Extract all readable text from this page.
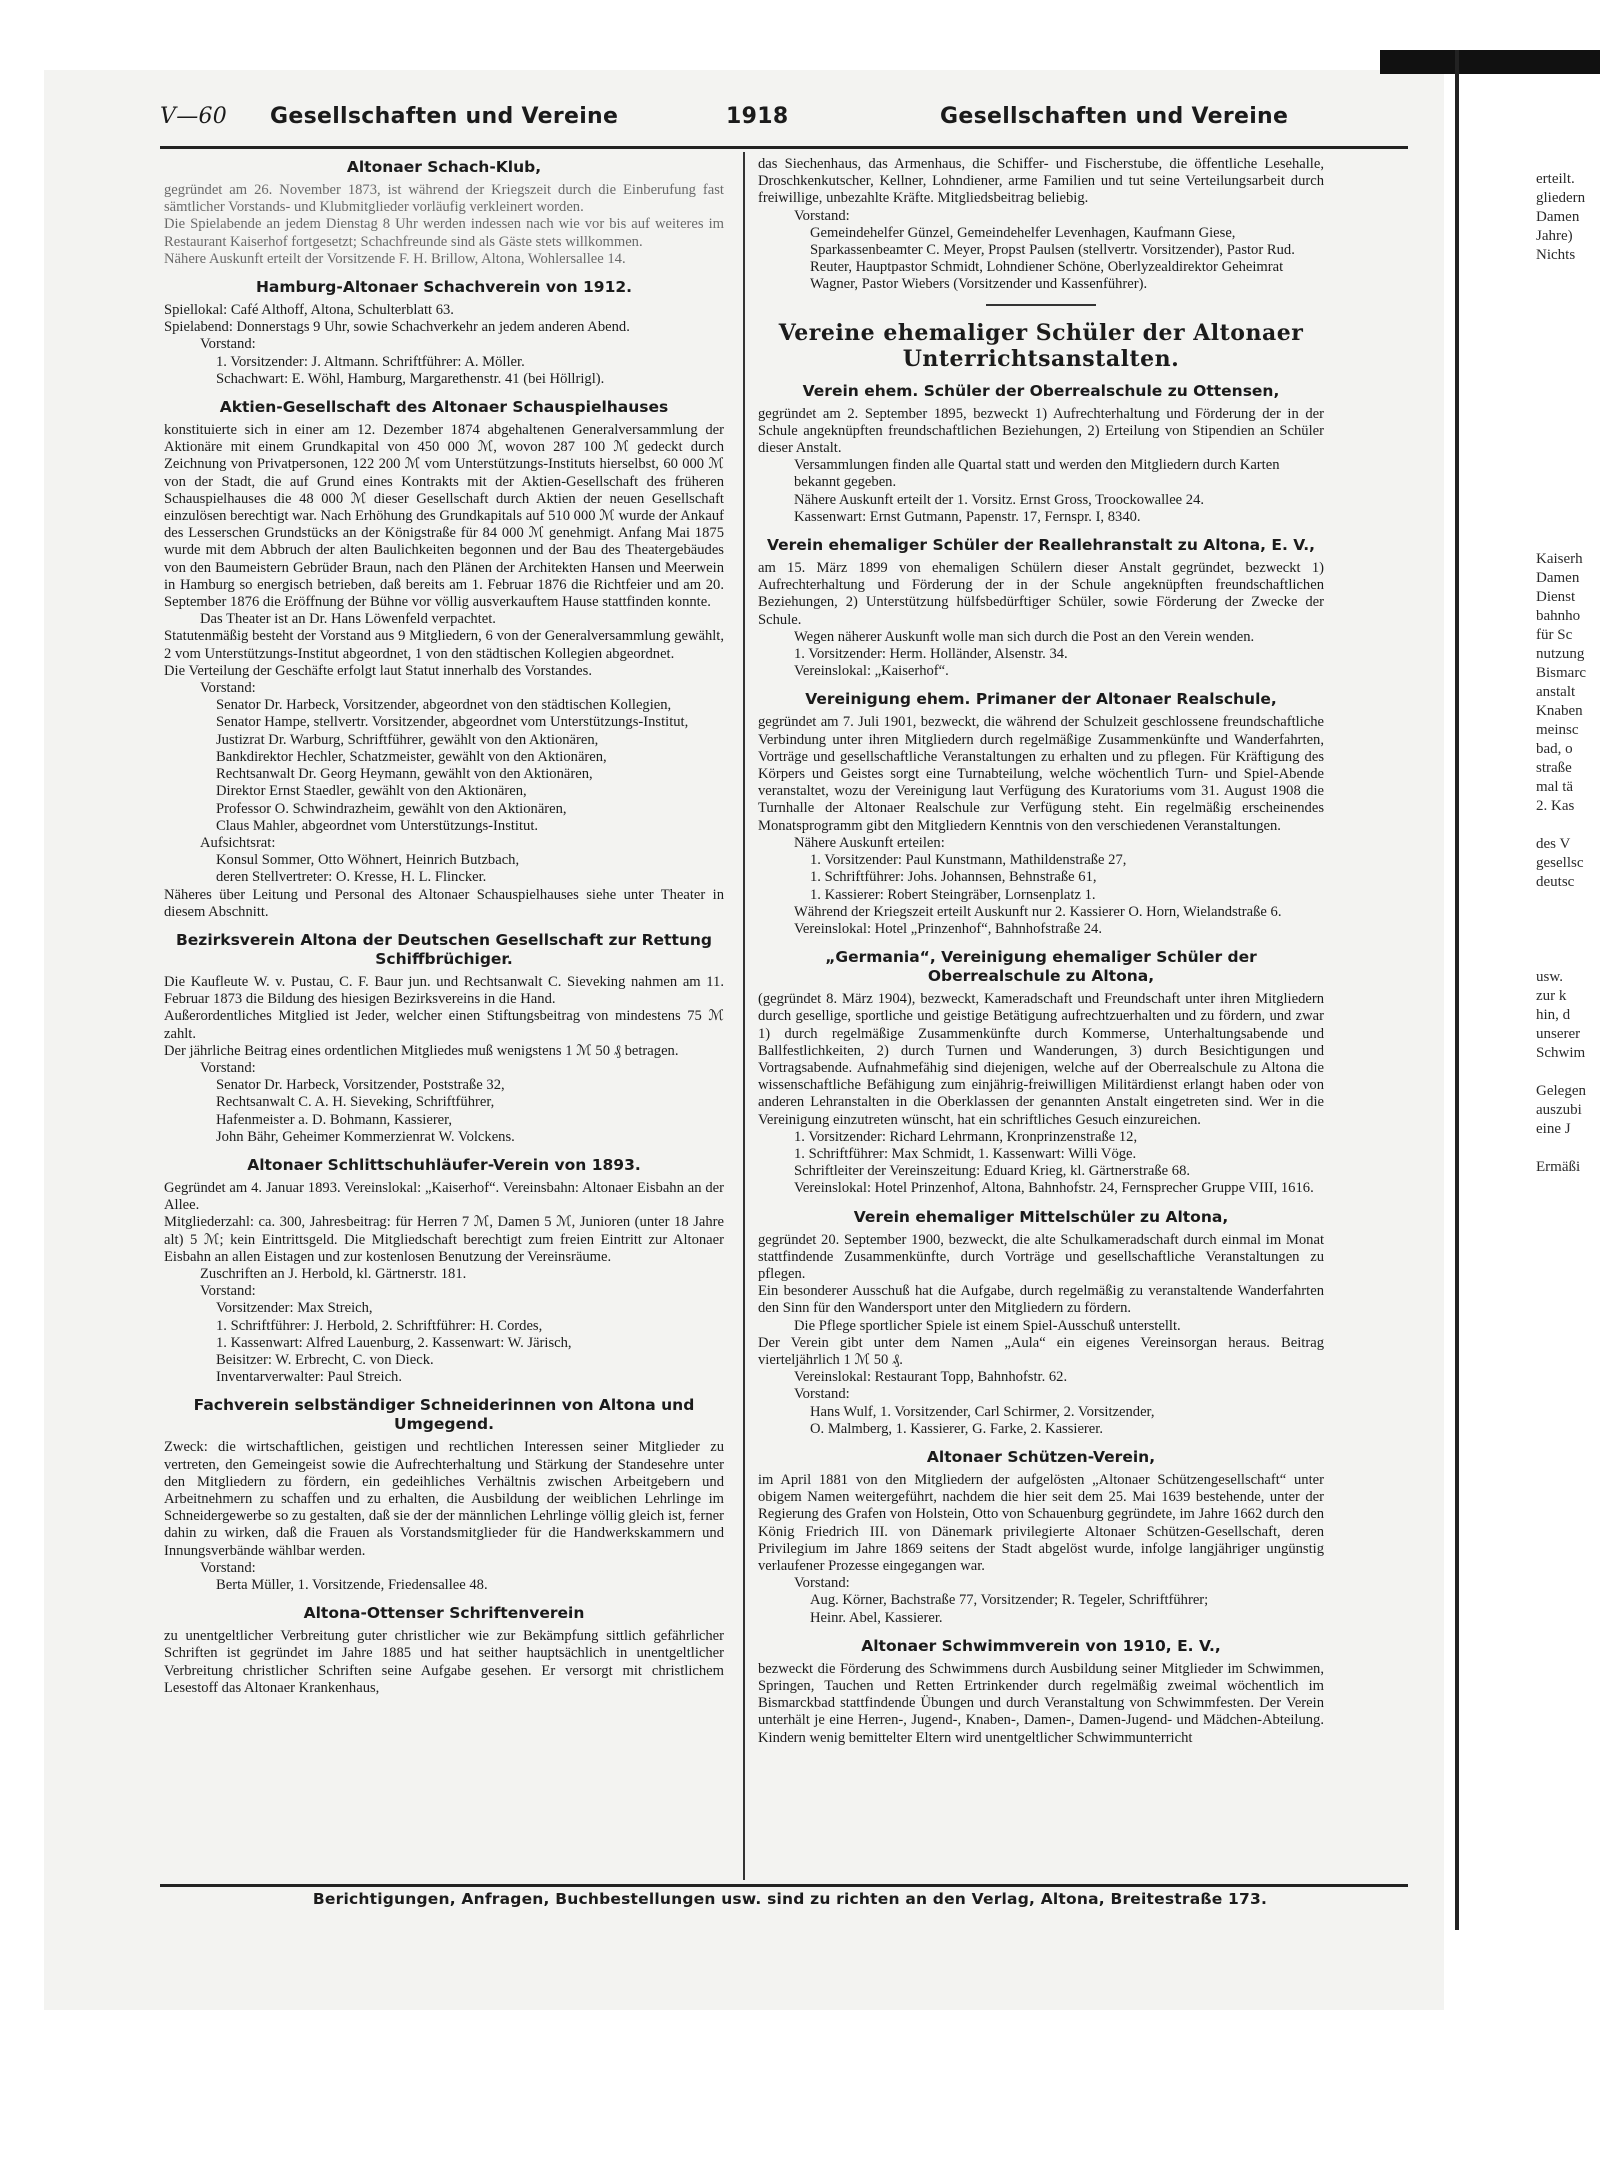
erteilt.
gliedern
Damen
Jahre)
Nichts

Kaiserh
Damen
Dienst
bahnho
für Sc
nutzung
Bismarc
anstalt
Knaben
meinsc
bad, o
straße
mal tä
2. Kas

des V
gesellsc
deutsc

usw.
zur k
hin, d
unserer
Schwim

Gelegen
auszubi
eine J

Ermäßi
V—60 Gesellschaften und Vereine	1918	Gesellschaften und Vereine
Altonaer Schach-Klub,

gegründet am 26. November 1873, ist während der Kriegszeit durch die Einberufung fast sämtlicher Vorstands- und Klubmitglieder vorläufig verkleinert worden.

Die Spielabende an jedem Dienstag 8 Uhr werden indessen nach wie vor bis auf weiteres im Restaurant Kaiserhof fortgesetzt; Schachfreunde sind als Gäste stets willkommen.

Nähere Auskunft erteilt der Vorsitzende F. H. Brillow, Altona, Wohlersallee 14.

Hamburg-Altonaer Schachverein von 1912.

Spiellokal: Café Althoff, Altona, Schulterblatt 63.

Spielabend: Donnerstags 9 Uhr, sowie Schachverkehr an jedem anderen Abend.

Vorstand:

1. Vorsitzender: J. Altmann. Schriftführer: A. Möller.

Schachwart: E. Wöhl, Hamburg, Margarethenstr. 41 (bei Höllrigl).

Aktien-Gesellschaft des Altonaer Schauspielhauses

konstituierte sich in einer am 12. Dezember 1874 abgehaltenen Generalversammlung der Aktionäre mit einem Grundkapital von 450 000 ℳ, wovon 287 100 ℳ gedeckt durch Zeichnung von Privatpersonen, 122 200 ℳ vom Unterstützungs-Instituts hierselbst, 60 000 ℳ von der Stadt, die auf Grund eines Kontrakts mit der Aktien-Gesellschaft des früheren Schauspielhauses die 48 000 ℳ dieser Gesellschaft durch Aktien der neuen Gesellschaft einzulösen berechtigt war. Nach Erhöhung des Grundkapitals auf 510 000 ℳ wurde der Ankauf des Lesserschen Grundstücks an der Königstraße für 84 000 ℳ genehmigt. Anfang Mai 1875 wurde mit dem Abbruch der alten Baulichkeiten begonnen und der Bau des Theatergebäudes von den Baumeistern Gebrüder Braun, nach den Plänen der Architekten Hansen und Meerwein in Hamburg so energisch betrieben, daß bereits am 1. Februar 1876 die Richtfeier und am 20. September 1876 die Eröffnung der Bühne vor völlig ausverkauftem Hause stattfinden konnte.

Das Theater ist an Dr. Hans Löwenfeld verpachtet.

Statutenmäßig besteht der Vorstand aus 9 Mitgliedern, 6 von der Generalversammlung gewählt, 2 vom Unterstützungs-Institut abgeordnet, 1 von den städtischen Kollegien abgeordnet.

Die Verteilung der Geschäfte erfolgt laut Statut innerhalb des Vorstandes.

Vorstand:

Senator Dr. Harbeck, Vorsitzender, abgeordnet von den städtischen Kollegien,

Senator Hampe, stellvertr. Vorsitzender, abgeordnet vom Unterstützungs-Institut,

Justizrat Dr. Warburg, Schriftführer, gewählt von den Aktionären,

Bankdirektor Hechler, Schatzmeister, gewählt von den Aktionären,

Rechtsanwalt Dr. Georg Heymann, gewählt von den Aktionären,

Direktor Ernst Staedler, gewählt von den Aktionären,

Professor O. Schwindrazheim, gewählt von den Aktionären,

Claus Mahler, abgeordnet vom Unterstützungs-Institut.

Aufsichtsrat:

Konsul Sommer, Otto Wöhnert, Heinrich Butzbach,

deren Stellvertreter: O. Kresse, H. L. Flincker.

Näheres über Leitung und Personal des Altonaer Schauspielhauses siehe unter Theater in diesem Abschnitt.

Bezirksverein Altona der Deutschen Gesellschaft zur Rettung Schiffbrüchiger.

Die Kaufleute W. v. Pustau, C. F. Baur jun. und Rechtsanwalt C. Sieveking nahmen am 11. Februar 1873 die Bildung des hiesigen Bezirksvereins in die Hand.

Außerordentliches Mitglied ist Jeder, welcher einen Stiftungsbeitrag von mindestens 75 ℳ zahlt.

Der jährliche Beitrag eines ordentlichen Mitgliedes muß wenigstens 1 ℳ 50 ₰ betragen.

Vorstand:

Senator Dr. Harbeck, Vorsitzender, Poststraße 32,

Rechtsanwalt C. A. H. Sieveking, Schriftführer,

Hafenmeister a. D. Bohmann, Kassierer,

John Bähr, Geheimer Kommerzienrat W. Volckens.

Altonaer Schlittschuhläufer-Verein von 1893.

Gegründet am 4. Januar 1893. Vereinslokal: „Kaiserhof“. Vereinsbahn: Altonaer Eisbahn an der Allee.

Mitgliederzahl: ca. 300, Jahresbeitrag: für Herren 7 ℳ, Damen 5 ℳ, Junioren (unter 18 Jahre alt) 5 ℳ; kein Eintrittsgeld. Die Mitgliedschaft berechtigt zum freien Eintritt zur Altonaer Eisbahn an allen Eistagen und zur kostenlosen Benutzung der Vereinsräume.

Zuschriften an J. Herbold, kl. Gärtnerstr. 181.

Vorstand:

Vorsitzender: Max Streich,

1. Schriftführer: J. Herbold, 2. Schriftführer: H. Cordes,

1. Kassenwart: Alfred Lauenburg, 2. Kassenwart: W. Järisch,

Beisitzer: W. Erbrecht, C. von Dieck.

Inventarverwalter: Paul Streich.

Fachverein selbständiger Schneiderinnen von Altona und Umgegend.

Zweck: die wirtschaftlichen, geistigen und rechtlichen Interessen seiner Mitglieder zu vertreten, den Gemeingeist sowie die Aufrechterhaltung und Stärkung der Standesehre unter den Mitgliedern zu fördern, ein gedeihliches Verhältnis zwischen Arbeitgebern und Arbeitnehmern zu schaffen und zu erhalten, die Ausbildung der weiblichen Lehrlinge im Schneidergewerbe so zu gestalten, daß sie der der männlichen Lehrlinge völlig gleich ist, ferner dahin zu wirken, daß die Frauen als Vorstandsmitglieder für die Handwerkskammern und Innungsverbände wählbar werden.

Vorstand:

Berta Müller, 1. Vorsitzende, Friedensallee 48.

Altona-Ottenser Schriftenverein

zu unentgeltlicher Verbreitung guter christlicher wie zur Bekämpfung sittlich gefährlicher Schriften ist gegründet im Jahre 1885 und hat seither hauptsächlich in unentgeltlicher Verbreitung christlicher Schriften seine Aufgabe gesehen. Er versorgt mit christlichem Lesestoff das Altonaer Krankenhaus,

das Siechenhaus, das Armenhaus, die Schiffer- und Fischerstube, die öffentliche Lesehalle, Droschkenkutscher, Kellner, Lohndiener, arme Familien und tut seine Verteilungsarbeit durch freiwillige, unbezahlte Kräfte. Mitgliedsbeitrag beliebig.

Vorstand:

Gemeindehelfer Günzel, Gemeindehelfer Levenhagen, Kaufmann Giese, Sparkassenbeamter C. Meyer, Propst Paulsen (stellvertr. Vorsitzender), Pastor Rud. Reuter, Hauptpastor Schmidt, Lohndiener Schöne, Oberlyzealdirektor Geheimrat Wagner, Pastor Wiebers (Vorsitzender und Kassenführer).

Vereine ehemaliger Schüler der Altonaer Unterrichtsanstalten.
Verein ehem. Schüler der Oberrealschule zu Ottensen,

gegründet am 2. September 1895, bezweckt 1) Aufrechterhaltung und Förderung der in der Schule angeknüpften freundschaftlichen Beziehungen, 2) Erteilung von Stipendien an Schüler dieser Anstalt.

Versammlungen finden alle Quartal statt und werden den Mitgliedern durch Karten bekannt gegeben.

Nähere Auskunft erteilt der 1. Vorsitz. Ernst Gross, Troockowallee 24.

Kassenwart: Ernst Gutmann, Papenstr. 17, Fernspr. I, 8340.

Verein ehemaliger Schüler der Reallehranstalt zu Altona, E. V.,

am 15. März 1899 von ehemaligen Schülern dieser Anstalt gegründet, bezweckt 1) Aufrechterhaltung und Förderung der in der Schule angeknüpften freundschaftlichen Beziehungen, 2) Unterstützung hülfsbedürftiger Schüler, sowie Förderung der Zwecke der Schule.

Wegen näherer Auskunft wolle man sich durch die Post an den Verein wenden.

1. Vorsitzender: Herm. Holländer, Alsenstr. 34.

Vereinslokal: „Kaiserhof“.

Vereinigung ehem. Primaner der Altonaer Realschule,

gegründet am 7. Juli 1901, bezweckt, die während der Schulzeit geschlossene freundschaftliche Verbindung unter ihren Mitgliedern durch regelmäßige Zusammenkünfte und Wanderfahrten, Vorträge und gesellschaftliche Veranstaltungen zu erhalten und zu pflegen. Für Kräftigung des Körpers und Geistes sorgt eine Turnabteilung, welche wöchentlich Turn- und Spiel-Abende veranstaltet, wozu der Vereinigung laut Verfügung des Kuratoriums vom 31. August 1908 die Turnhalle der Altonaer Realschule zur Verfügung steht. Ein regelmäßig erscheinendes Monatsprogramm gibt den Mitgliedern Kenntnis von den verschiedenen Veranstaltungen.

Nähere Auskunft erteilen:

1. Vorsitzender: Paul Kunstmann, Mathildenstraße 27,

1. Schriftführer: Johs. Johannsen, Behnstraße 61,

1. Kassierer: Robert Steingräber, Lornsenplatz 1.

Während der Kriegszeit erteilt Auskunft nur 2. Kassierer O. Horn, Wielandstraße 6.

Vereinslokal: Hotel „Prinzenhof“, Bahnhofstraße 24.

„Germania“, Vereinigung ehemaliger Schüler der Oberrealschule zu Altona,

(gegründet 8. März 1904), bezweckt, Kameradschaft und Freundschaft unter ihren Mitgliedern durch gesellige, sportliche und geistige Betätigung aufrechtzuerhalten und zu fördern, und zwar 1) durch regelmäßige Zusammenkünfte durch Kommerse, Unterhaltungsabende und Ballfestlichkeiten, 2) durch Turnen und Wanderungen, 3) durch Besichtigungen und Vortragsabende. Aufnahmefähig sind diejenigen, welche auf der Oberrealschule zu Altona die wissenschaftliche Befähigung zum einjährig-freiwilligen Militärdienst erlangt haben oder von anderen Lehranstalten in die Oberklassen der genannten Anstalt eingetreten sind. Wer in die Vereinigung einzutreten wünscht, hat ein schriftliches Gesuch einzureichen.

1. Vorsitzender: Richard Lehrmann, Kronprinzenstraße 12,

1. Schriftführer: Max Schmidt, 1. Kassenwart: Willi Vöge.

Schriftleiter der Vereinszeitung: Eduard Krieg, kl. Gärtnerstraße 68.

Vereinslokal: Hotel Prinzenhof, Altona, Bahnhofstr. 24, Fernsprecher Gruppe VIII, 1616.

Verein ehemaliger Mittelschüler zu Altona,

gegründet 20. September 1900, bezweckt, die alte Schulkameradschaft durch einmal im Monat stattfindende Zusammenkünfte, durch Vorträge und gesellschaftliche Veranstaltungen zu pflegen.

Ein besonderer Ausschuß hat die Aufgabe, durch regelmäßig zu veranstaltende Wanderfahrten den Sinn für den Wandersport unter den Mitgliedern zu fördern.

Die Pflege sportlicher Spiele ist einem Spiel-Ausschuß unterstellt.

Der Verein gibt unter dem Namen „Aula“ ein eigenes Vereinsorgan heraus. Beitrag vierteljährlich 1 ℳ 50 ₰.

Vereinslokal: Restaurant Topp, Bahnhofstr. 62.

Vorstand:

Hans Wulf, 1. Vorsitzender, Carl Schirmer, 2. Vorsitzender,

O. Malmberg, 1. Kassierer, G. Farke, 2. Kassierer.

Altonaer Schützen-Verein,

im April 1881 von den Mitgliedern der aufgelösten „Altonaer Schützengesellschaft“ unter obigem Namen weitergeführt, nachdem die hier seit dem 25. Mai 1639 bestehende, unter der Regierung des Grafen von Holstein, Otto von Schauenburg gegründete, im Jahre 1662 durch den König Friedrich III. von Dänemark privilegierte Altonaer Schützen-Gesellschaft, deren Privilegium im Jahre 1869 seitens der Stadt abgelöst wurde, infolge langjähriger ungünstig verlaufener Prozesse eingegangen war.

Vorstand:

Aug. Körner, Bachstraße 77, Vorsitzender; R. Tegeler, Schriftführer;

Heinr. Abel, Kassierer.

Altonaer Schwimmverein von 1910, E. V.,

bezweckt die Förderung des Schwimmens durch Ausbildung seiner Mitglieder im Schwimmen, Springen, Tauchen und Retten Ertrinkender durch regelmäßig zweimal wöchentlich im Bismarckbad stattfindende Übungen und durch Veranstaltung von Schwimmfesten. Der Verein unterhält je eine Herren-, Jugend-, Knaben-, Damen-, Damen-Jugend- und Mädchen-Abteilung. Kindern wenig bemittelter Eltern wird unentgeltlicher Schwimmunterricht

Berichtigungen, Anfragen, Buchbestellungen usw. sind zu richten an den Verlag, Altona, Breitestraße 173.
